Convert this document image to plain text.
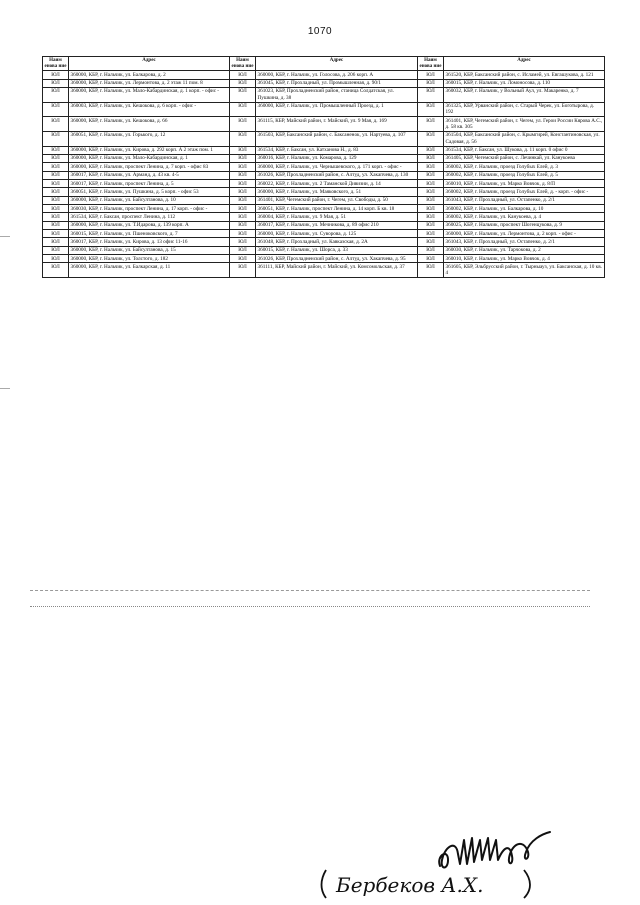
1070
Наим енова ние	Адрес	Наим енова ние	Адрес	Наим енова ние	Адрес
ЮЛ	360000, КБР, г. Нальчик, ул. Балкарова, д. 2	ЮЛ	360000, КБР, г. Нальчик, ул. Голосова, д. 206 корп. А	ЮЛ	361520, КБР, Баксанский район, с. Исламей, ул. Евгашукова, д. 121
ЮЛ	360000, КБР, г. Нальчик, ул. Лермонтова, д. 2 этаж 11 пом. 8	ЮЛ	361045, КБР, г. Прохладный, ул. Промышленная, д. 90/1	ЮЛ	360015, КБР, г. Нальчик, ул. Ломоносова, д. 110
ЮЛ	360000, КБР, г. Нальчик, ул. Мало-Кабардинская, д. 1 корп. - офис -	ЮЛ	361023, КБР, Прохладненский район, станица Солдатская, ул. Пушкина, д. 38	ЮЛ	360032, КБР, г. Нальчик, у Вольный Аул, ул. Макаренко, д. 7
ЮЛ	360003, КБР, г. Нальчик, ул. Кешокова, д. 6 корп. - офис -	ЮЛ	360000, КБР, г. Нальчик, ул. Промышленный Проезд, д. 1	ЮЛ	361325, КБР, Урванский район, с. Старый Черек, ул. Боготырова, д. 192
ЮЛ	360000, КБР, г. Нальчик, ул. Кешокова, д. 66	ЮЛ	361115, КБР, Майский район, г. Майский, ул. 9 Мая, д. 169	ЮЛ	361401, КБР, Чегемский район, г. Чегем, ул. Герои России Кярова А.С., д. 58 кв. 305
ЮЛ	360051, КБР, г. Нальчик, ул. Горького, д. 12	ЮЛ	361503, КБР, Баксанский район, с. Баксаненок, ул. Нартуева, д. 107	ЮЛ	361504, КБР, Баксанский район, с. Крымгирей, Константиновская, ул. Садовая, д. 56
ЮЛ	360000, КБР, г. Нальчик, ул. Кирова, д. 292 корп. А 2 этаж пом. 1	ЮЛ	361534, КБР, г. Баксан, ул. Катханова Н., д. 83	ЮЛ	361534, КБР, г. Баксан, ул. Шукова, д. 11 корп. 0 офис 0
ЮЛ	360000, КБР, г. Нальчик, ул. Мало-Кабардинская, д. 1	ЮЛ	360016, КБР, г. Нальчик, ул. Комарова, д. 129	ЮЛ	361405, КБР, Чегемский район, с. Лечинкай, ул. Канукоева
ЮЛ	360000, КБР, г. Нальчик, проспект Ленина, д. 7 корп. - офис 83	ЮЛ	360000, КБР, г. Нальчик, ул. Чернышевского, д. 171 корп. - офис -	ЮЛ	360002, КБР, г. Нальчик, проезд Голубых Елей, д. 3
ЮЛ	360017, КБР, г. Нальчик, ул. Арманд, д. 43 кв. 4-5	ЮЛ	361026, КБР, Прохладненский район, с. Алтуд, ул. Хакапчева, д. 130	ЮЛ	360002, КБР, г. Нальчик, проезд Голубых Елей, д. 5
ЮЛ	360017, КБР, г. Нальчик, проспект Ленина, д. 5	ЮЛ	360022, КБР, г. Нальчик, ул. 2 Таманской Дивизии, д. 14	ЮЛ	360010, КБР, г. Нальчик, ул. Марко Вовчок, д. 8/П
ЮЛ	360051, КБР, г. Нальчик, ул. Пушкина, д. 5 корп. - офис 53	ЮЛ	360000, КБР, г. Нальчик, ул. Маяковского, д. 51	ЮЛ	360002, КБР, г. Нальчик, проезд Голубых Елей, д. - корп. - офис -
ЮЛ	360000, КБР, г. Нальчик, ул. Байсултанова, д. 10	ЮЛ	361401, КБР, Чегемский район, г. Чегем, ул. Свободы, д. 50	ЮЛ	361043, КБР, г. Прохладный, ул. Остапенко, д. 2/1
ЮЛ	360030, КБР, г. Нальчик, проспект Ленина, д. 17 корп. - офис -	ЮЛ	360051, КБР, г. Нальчик, проспект Ленина, д. 14 корп. Б кв. 18	ЮЛ	360002, КБР, г. Нальчик, ул. Балкарова, д. 10
ЮЛ	361534, КБР, г. Баксан, проспект Ленина, д. 112	ЮЛ	360004, КБР, г. Нальчик, ул. 9 Мая, д. 51	ЮЛ	360002, КБР, г. Нальчик, ул. Канукоева, д. 4
ЮЛ	360000, КБР, г. Нальчик, ул. Т.Идарова, д. 139 корп. А	ЮЛ	360017, КБР, г. Нальчик, ул. Мечникова, д. 89 офис 210	ЮЛ	360025, КБР, г. Нальчик, проспект Шогенцукова, д. 9
ЮЛ	360015, КБР, г. Нальчик, ул. Пшеноковского, д. 7	ЮЛ	360000, КБР, г. Нальчик, ул. Суворова, д. 125	ЮЛ	360000, КБР, г. Нальчик, ул. Лермонтова, д. 2 корп. - офис -
ЮЛ	360017, КБР, г. Нальчик, ул. Кирова, д. 13 офис 11-16	ЮЛ	361048, КБР, г. Прохладный, ул. Кавказская, д. 2А	ЮЛ	361043, КБР, г. Прохладный, ул. Остапенко, д. 2/1
ЮЛ	360000, КБР, г. Нальчик, ул. Байсултанова, д. 15	ЮЛ	360015, КБР, г. Нальчик, ул. Шорса, д. 33	ЮЛ	360030, КБР, г. Нальчик, ул. Тарчокова, д. 2
ЮЛ	360000, КБР, г. Нальчик, ул. Толстого, д. 182	ЮЛ	361026, КБР, Прохладненский район, с. Алтуд, ул. Хакапчева, д. 95	ЮЛ	360010, КБР, г. Нальчик, ул. Марко Вовчок, д. 4
ЮЛ	360000, КБР, г. Нальчик, ул. Балкарская, д. 11	ЮЛ	361111, КБР, Майский район, г. Майский, ул. Комсомольская, д. 37	ЮЛ	361605, КБР, Эльбрусский район, г. Тырныауз, ул. Баксанская, д. 10 кв. 4
Бербеков А.Х.
